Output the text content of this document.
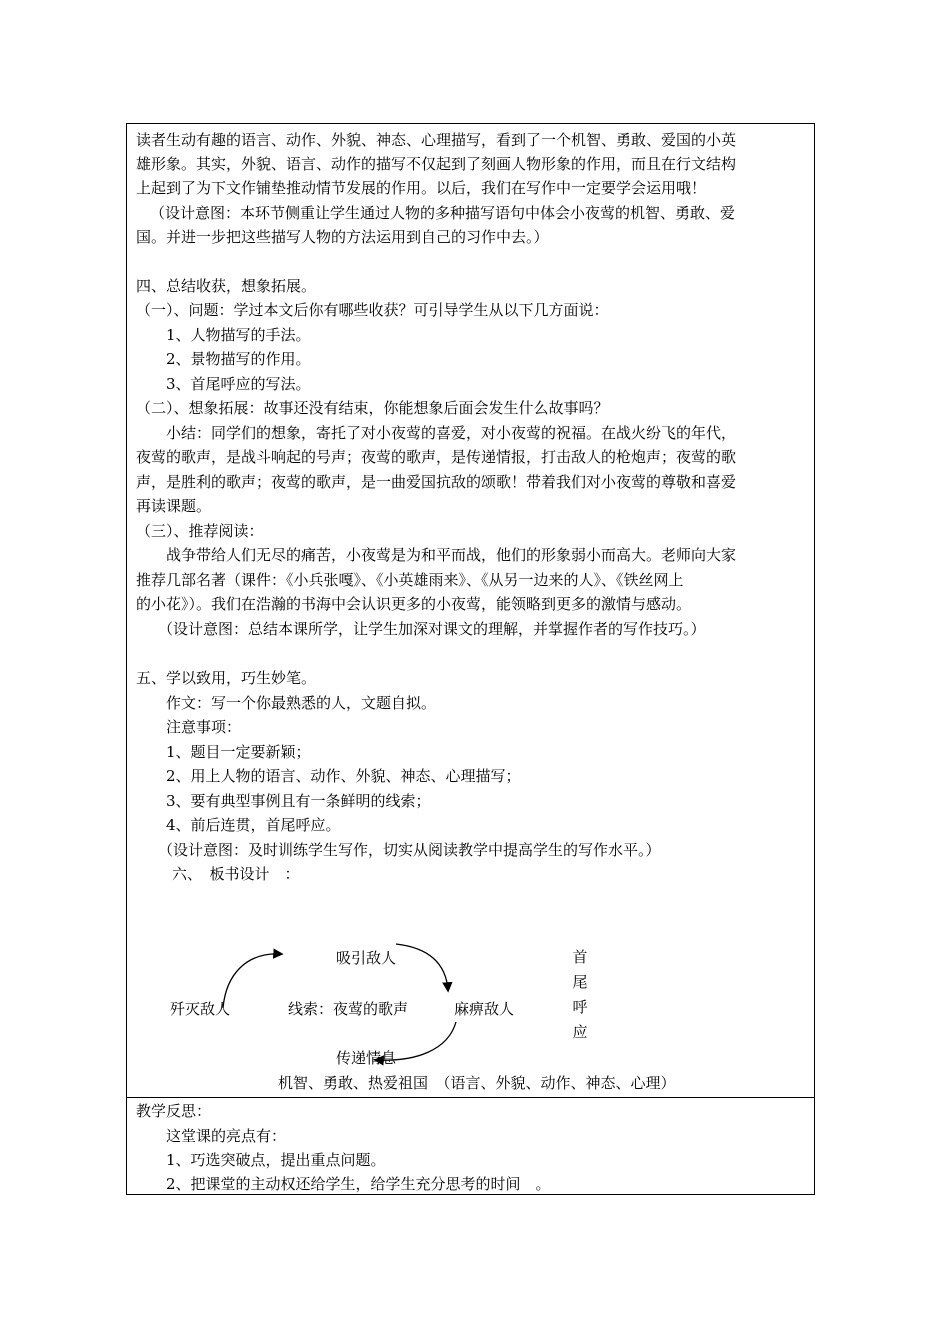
读者生动有趣的语言、动作、外貌、神态、心理描写，看到了一个机智、勇敢、爱国的小英

雄形象。其实，外貌、语言、动作的描写不仅起到了刻画人物形象的作用，而且在行文结构

上起到了为下文作铺垫推动情节发展的作用。以后，我们在写作中一定要学会运用哦！

（设计意图：本环节侧重让学生通过人物的多种描写语句中体会小夜莺的机智、勇敢、爱

国。并进一步把这些描写人物的方法运用到自己的习作中去。）

四、总结收获，想象拓展。

（一）、问题：学过本文后你有哪些收获？可引导学生从以下几方面说：

1、人物描写的手法。

2、景物描写的作用。

3、首尾呼应的写法。

（二）、想象拓展：故事还没有结束，你能想象后面会发生什么故事吗？

小结：同学们的想象，寄托了对小夜莺的喜爱，对小夜莺的祝福。在战火纷飞的年代，

夜莺的歌声，是战斗响起的号声；夜莺的歌声，是传递情报，打击敌人的枪炮声；夜莺的歌

声，是胜利的歌声；夜莺的歌声，是一曲爱国抗敌的颂歌！带着我们对小夜莺的尊敬和喜爱

再读课题。

（三）、推荐阅读：

战争带给人们无尽的痛苦，小夜莺是为和平而战，他们的形象弱小而高大。老师向大家

推荐几部名著（课件：《小兵张嘎》、《小英雄雨来》、《从另一边来的人》、《铁丝网上

的小花》）。我们在浩瀚的书海中会认识更多的小夜莺，能领略到更多的激情与感动。

（设计意图：总结本课所学，让学生加深对课文的理解，并掌握作者的写作技巧。）

五、学以致用，巧生妙笔。

作文：写一个你最熟悉的人，文题自拟。

注意事项：

1、题目一定要新颖；

2、用上人物的语言、动作、外貌、神态、心理描写；

3、要有典型事例且有一条鲜明的线索；

4、前后连贯，首尾呼应。

（设计意图：及时训练学生写作，切实从阅读教学中提高学生的写作水平。）

六、　板书设计　：

吸引敌人
歼灭敌人	线索：夜莺的歌声	麻痹敌人
传递情息
首
尾
呼
应
机智、勇敢、热爱祖国　（语言、外貌、动作、神态、心理）

教学反思：

这堂课的亮点有：

1、巧选突破点，提出重点问题。

2、把课堂的主动权还给学生，给学生充分思考的时间　。
